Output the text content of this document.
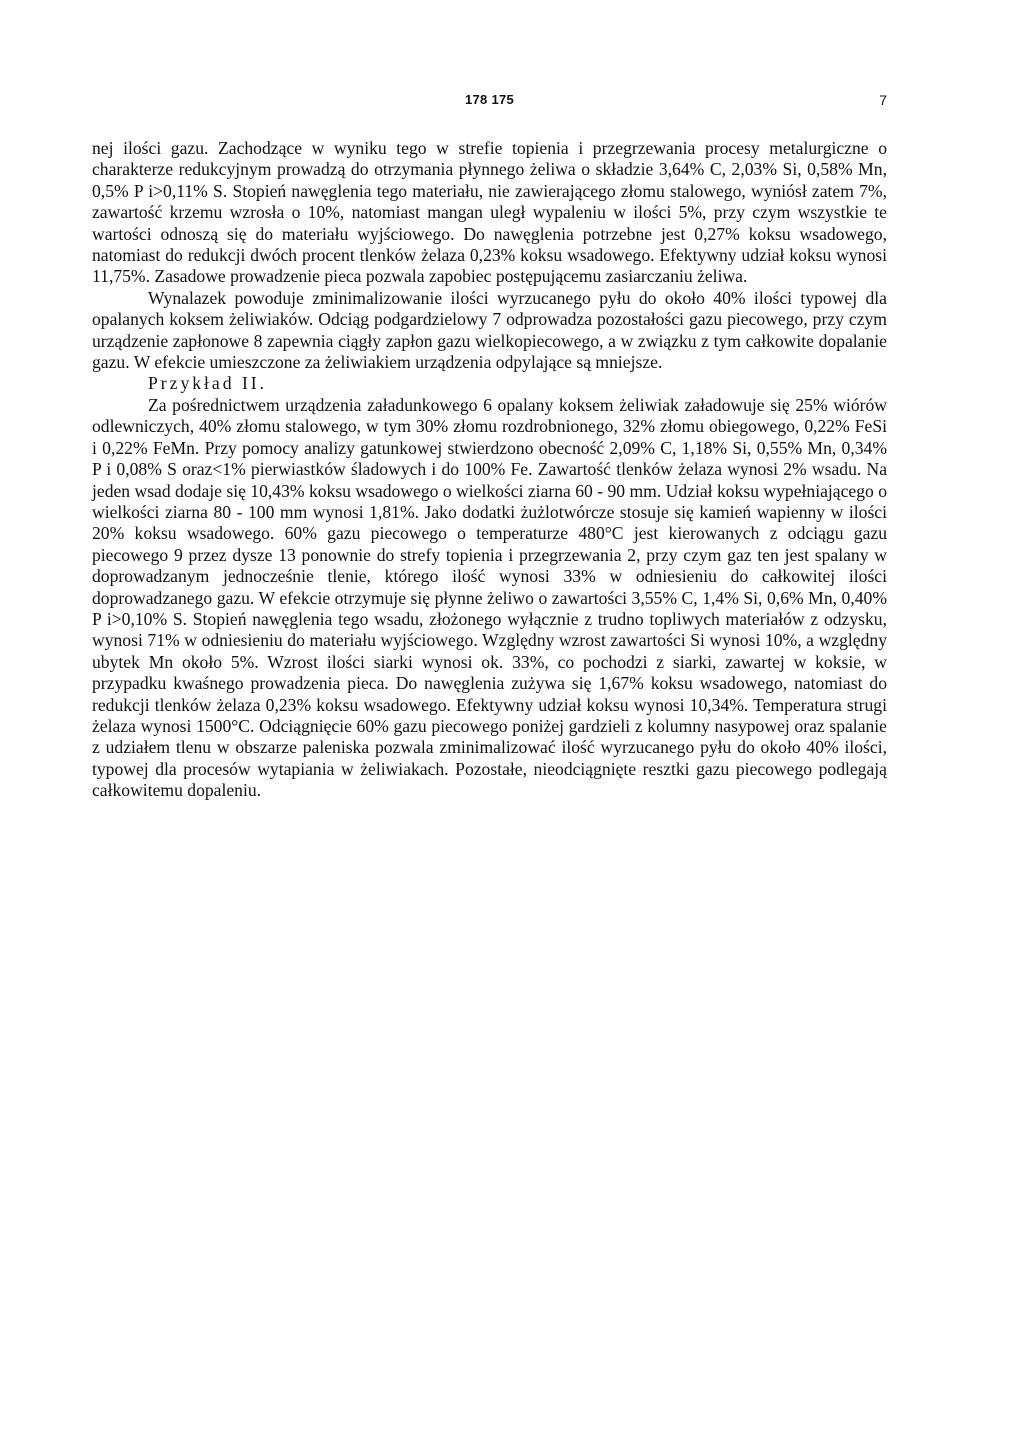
178 175	7

nej ilości gazu. Zachodzące w wyniku tego w strefie topienia i przegrzewania procesy metalurgiczne o charakterze redukcyjnym prowadzą do otrzymania płynnego żeliwa o składzie 3,64% C, 2,03% Si, 0,58% Mn, 0,5% P i>0,11% S. Stopień nawęglenia tego materiału, nie zawierającego złomu stalowego, wyniósł zatem 7%, zawartość krzemu wzrosła o 10%, natomiast mangan uległ wypaleniu w ilości 5%, przy czym wszystkie te wartości odnoszą się do materiału wyjściowego. Do nawęglenia potrzebne jest 0,27% koksu wsadowego, natomiast do redukcji dwóch procent tlenków żelaza 0,23% koksu wsadowego. Efektywny udział koksu wynosi 11,75%. Zasadowe prowadzenie pieca pozwala zapobiec postępującemu zasiarczaniu żeliwa.

Wynalazek powoduje zminimalizowanie ilości wyrzucanego pyłu do około 40% ilości typowej dla opalanych koksem żeliwiaków. Odciąg podgardzielowy 7 odprowadza pozostałości gazu piecowego, przy czym urządzenie zapłonowe 8 zapewnia ciągły zapłon gazu wielkopiecowego, a w związku z tym całkowite dopalanie gazu. W efekcie umieszczone za żeliwiakiem urządzenia odpylające są mniejsze.

Przykład II.

Za pośrednictwem urządzenia załadunkowego 6 opalany koksem żeliwiak załadowuje się 25% wiórów odlewniczych, 40% złomu stalowego, w tym 30% złomu rozdrobnionego, 32% złomu obiegowego, 0,22% FeSi i 0,22% FeMn. Przy pomocy analizy gatunkowej stwierdzono obecność 2,09% C, 1,18% Si, 0,55% Mn, 0,34% P i 0,08% S oraz<1% pierwiastków śladowych i do 100% Fe. Zawartość tlenków żelaza wynosi 2% wsadu. Na jeden wsad dodaje się 10,43% koksu wsadowego o wielkości ziarna 60 - 90 mm. Udział koksu wypełniającego o wielkości ziarna 80 - 100 mm wynosi 1,81%. Jako dodatki żużlotwórcze stosuje się kamień wapienny w ilości 20% koksu wsadowego. 60% gazu piecowego o temperaturze 480°C jest kierowanych z odciągu gazu piecowego 9 przez dysze 13 ponownie do strefy topienia i przegrzewania 2, przy czym gaz ten jest spalany w doprowadzanym jednocześnie tlenie, którego ilość wynosi 33% w odniesieniu do całkowitej ilości doprowadzanego gazu. W efekcie otrzymuje się płynne żeliwo o zawartości 3,55% C, 1,4% Si, 0,6% Mn, 0,40% P i>0,10% S. Stopień nawęglenia tego wsadu, złożonego wyłącznie z trudno topliwych materiałów z odzysku, wynosi 71% w odniesieniu do materiału wyjściowego. Względny wzrost zawartości Si wynosi 10%, a względny ubytek Mn około 5%. Wzrost ilości siarki wynosi ok. 33%, co pochodzi z siarki, zawartej w koksie, w przypadku kwaśnego prowadzenia pieca. Do nawęglenia zużywa się 1,67% koksu wsadowego, natomiast do redukcji tlenków żelaza 0,23% koksu wsadowego. Efektywny udział koksu wynosi 10,34%. Temperatura strugi żelaza wynosi 1500°C. Odciągnięcie 60% gazu piecowego poniżej gardzieli z kolumny nasypowej oraz spalanie z udziałem tlenu w obszarze paleniska pozwala zminimalizować ilość wyrzucanego pyłu do około 40% ilości, typowej dla procesów wytapiania w żeliwiakach. Pozostałe, nieodciągnięte resztki gazu piecowego podlegają całkowitemu dopaleniu.
